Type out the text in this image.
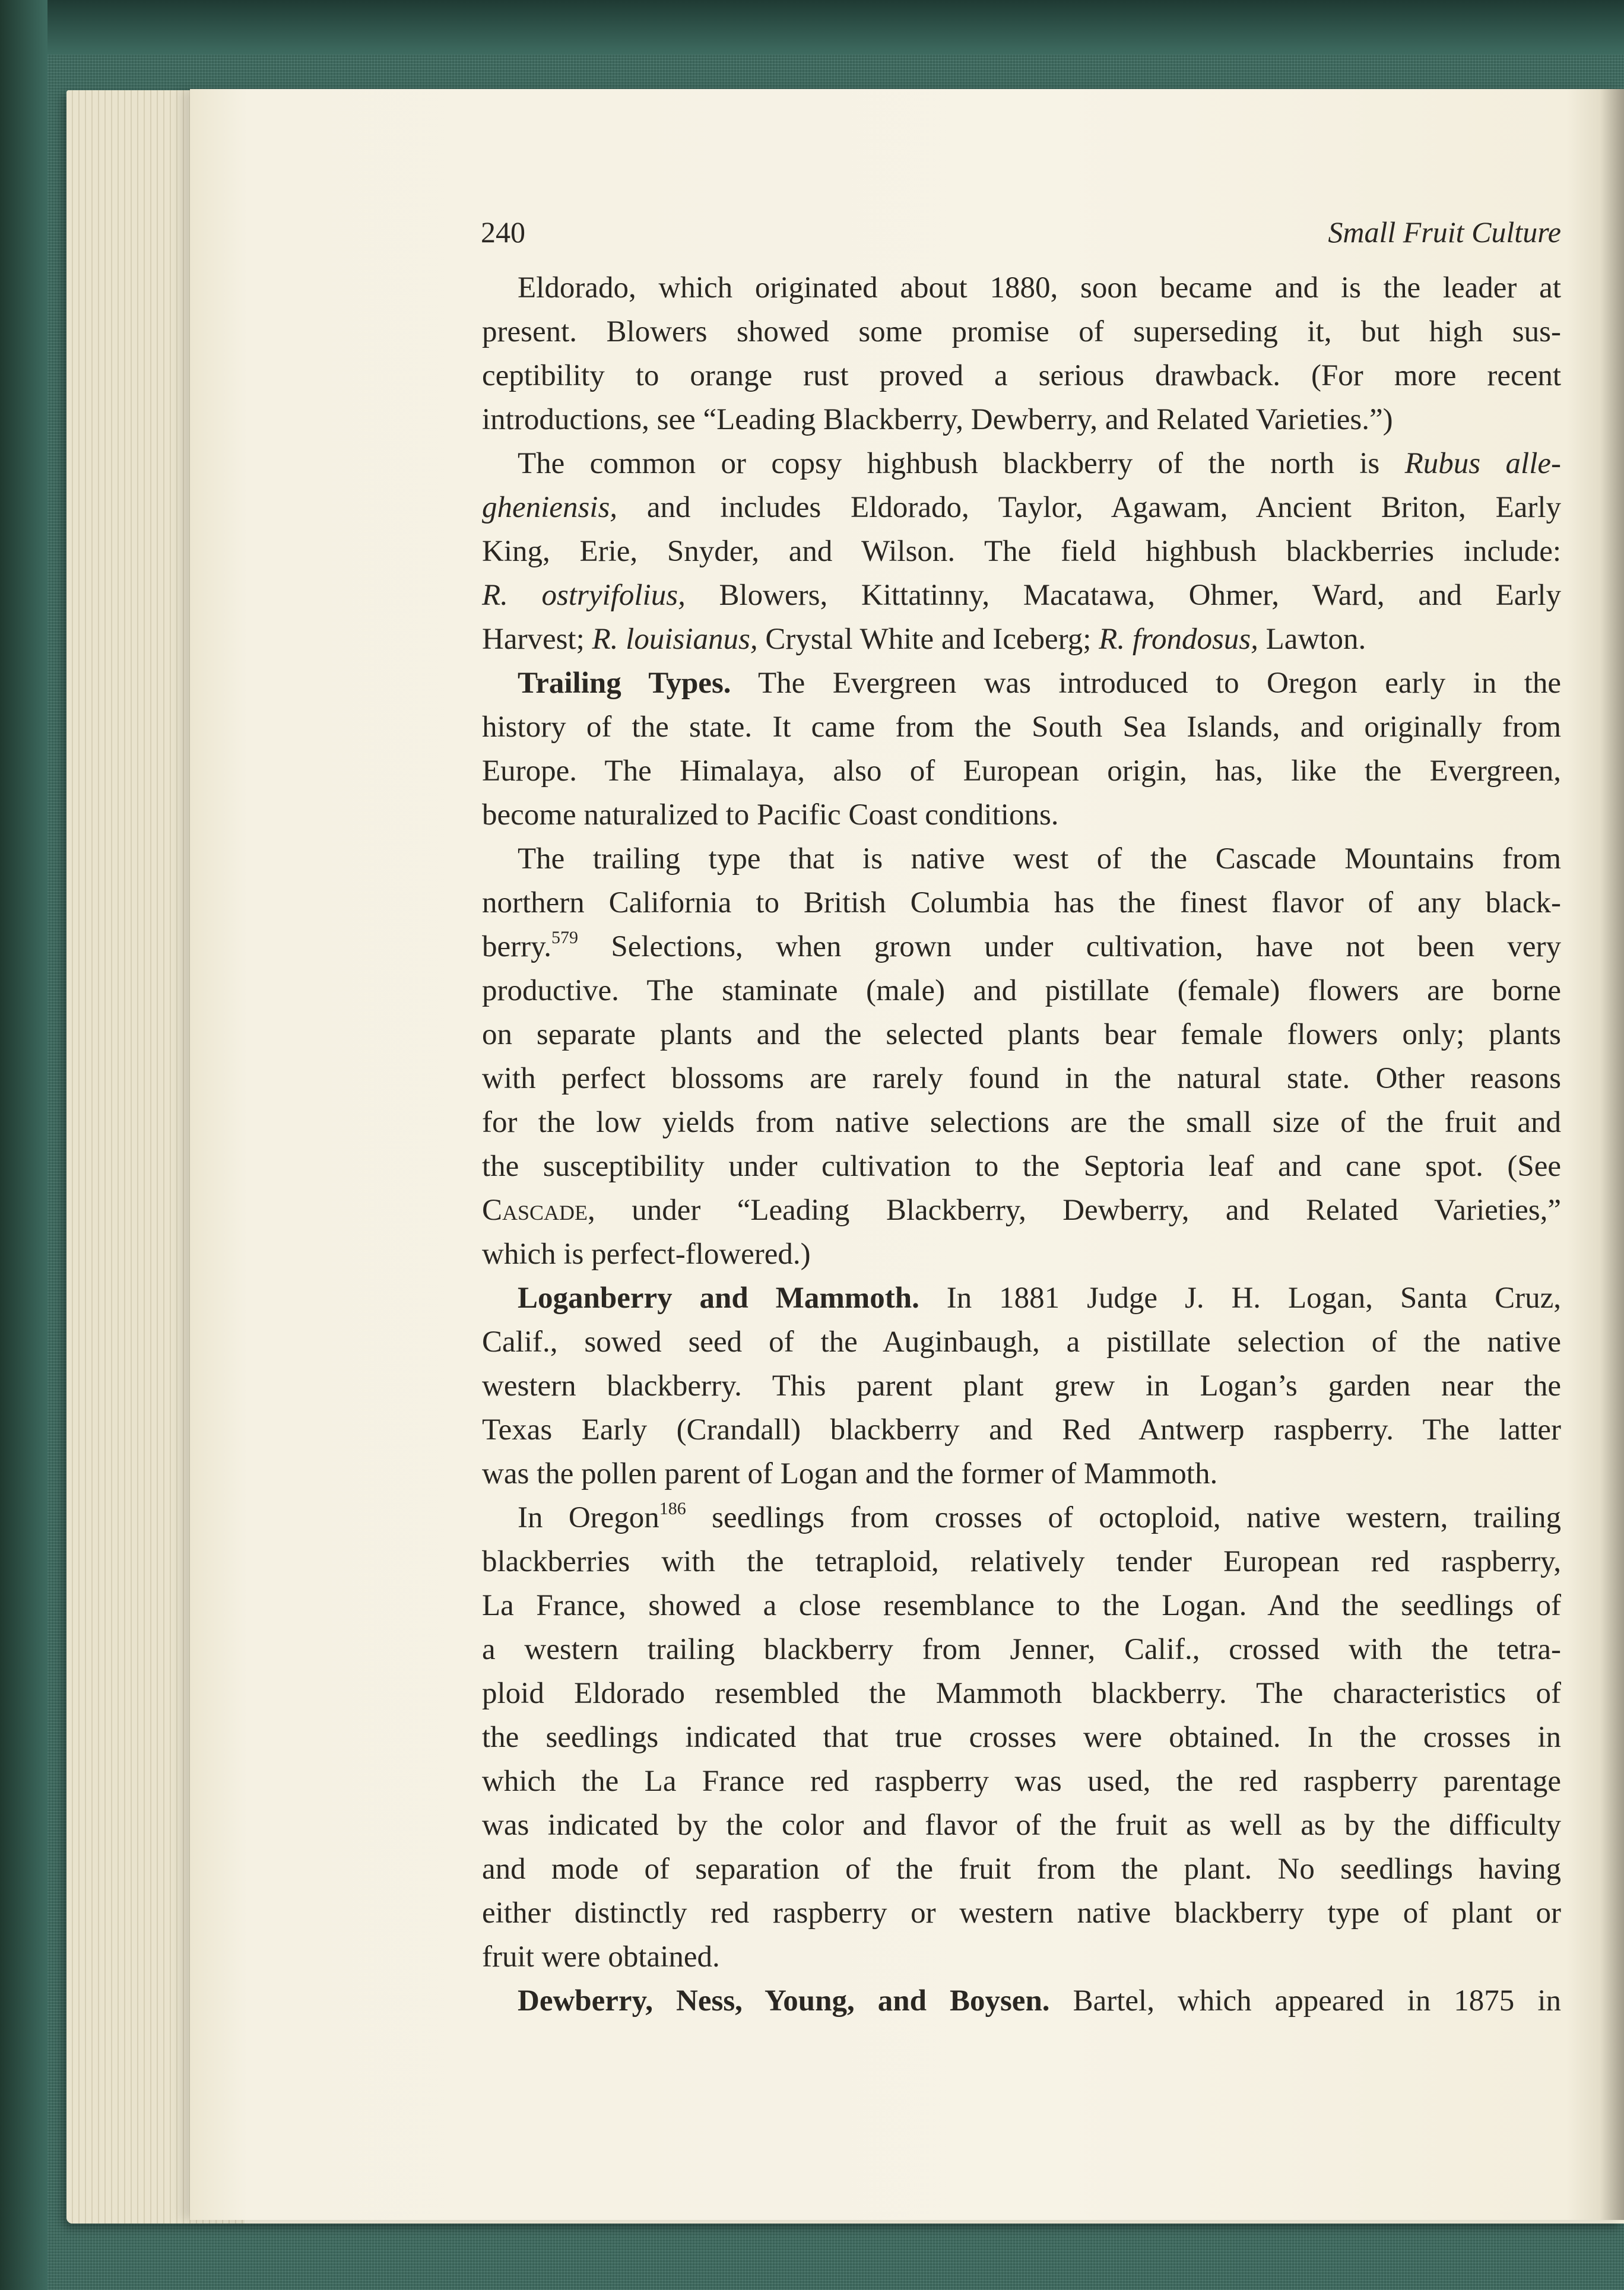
240	Small Fruit Culture
Eldorado, which originated about 1880, soon became and is the leader at
present. Blowers showed some promise of superseding it, but high sus-
ceptibility to orange rust proved a serious drawback. (For more recent
introductions, see “Leading Blackberry, Dewberry, and Related Varieties.”)
The common or copsy highbush blackberry of the north is Rubus alle-
gheniensis, and includes Eldorado, Taylor, Agawam, Ancient Briton, Early
King, Erie, Snyder, and Wilson. The field highbush blackberries include:
R. ostryifolius, Blowers, Kittatinny, Macatawa, Ohmer, Ward, and Early
Harvest; R. louisianus, Crystal White and Iceberg; R. frondosus, Lawton.
Trailing Types. The Evergreen was introduced to Oregon early in the
history of the state. It came from the South Sea Islands, and originally from
Europe. The Himalaya, also of European origin, has, like the Evergreen,
become naturalized to Pacific Coast conditions.
The trailing type that is native west of the Cascade Mountains from
northern California to British Columbia has the finest flavor of any black-
berry.$^{579}$ Selections, when grown under cultivation, have not been very
productive. The staminate (male) and pistillate (female) flowers are borne
on separate plants and the selected plants bear female flowers only; plants
with perfect blossoms are rarely found in the natural state. Other reasons
for the low yields from native selections are the small size of the fruit and
the susceptibility under cultivation to the Septoria leaf and cane spot. (See
Cascade, under “Leading Blackberry, Dewberry, and Related Varieties,”
which is perfect-flowered.)
Loganberry and Mammoth. In 1881 Judge J. H. Logan, Santa Cruz,
Calif., sowed seed of the Auginbaugh, a pistillate selection of the native
western blackberry. This parent plant grew in Logan’s garden near the
Texas Early (Crandall) blackberry and Red Antwerp raspberry. The latter
was the pollen parent of Logan and the former of Mammoth.
In Oregon$^{186}$ seedlings from crosses of octoploid, native western, trailing
blackberries with the tetraploid, relatively tender European red raspberry,
La France, showed a close resemblance to the Logan. And the seedlings of
a western trailing blackberry from Jenner, Calif., crossed with the tetra-
ploid Eldorado resembled the Mammoth blackberry. The characteristics of
the seedlings indicated that true crosses were obtained. In the crosses in
which the La France red raspberry was used, the red raspberry parentage
was indicated by the color and flavor of the fruit as well as by the difficulty
and mode of separation of the fruit from the plant. No seedlings having
either distinctly red raspberry or western native blackberry type of plant or
fruit were obtained.
Dewberry, Ness, Young, and Boysen. Bartel, which appeared in 1875 in
